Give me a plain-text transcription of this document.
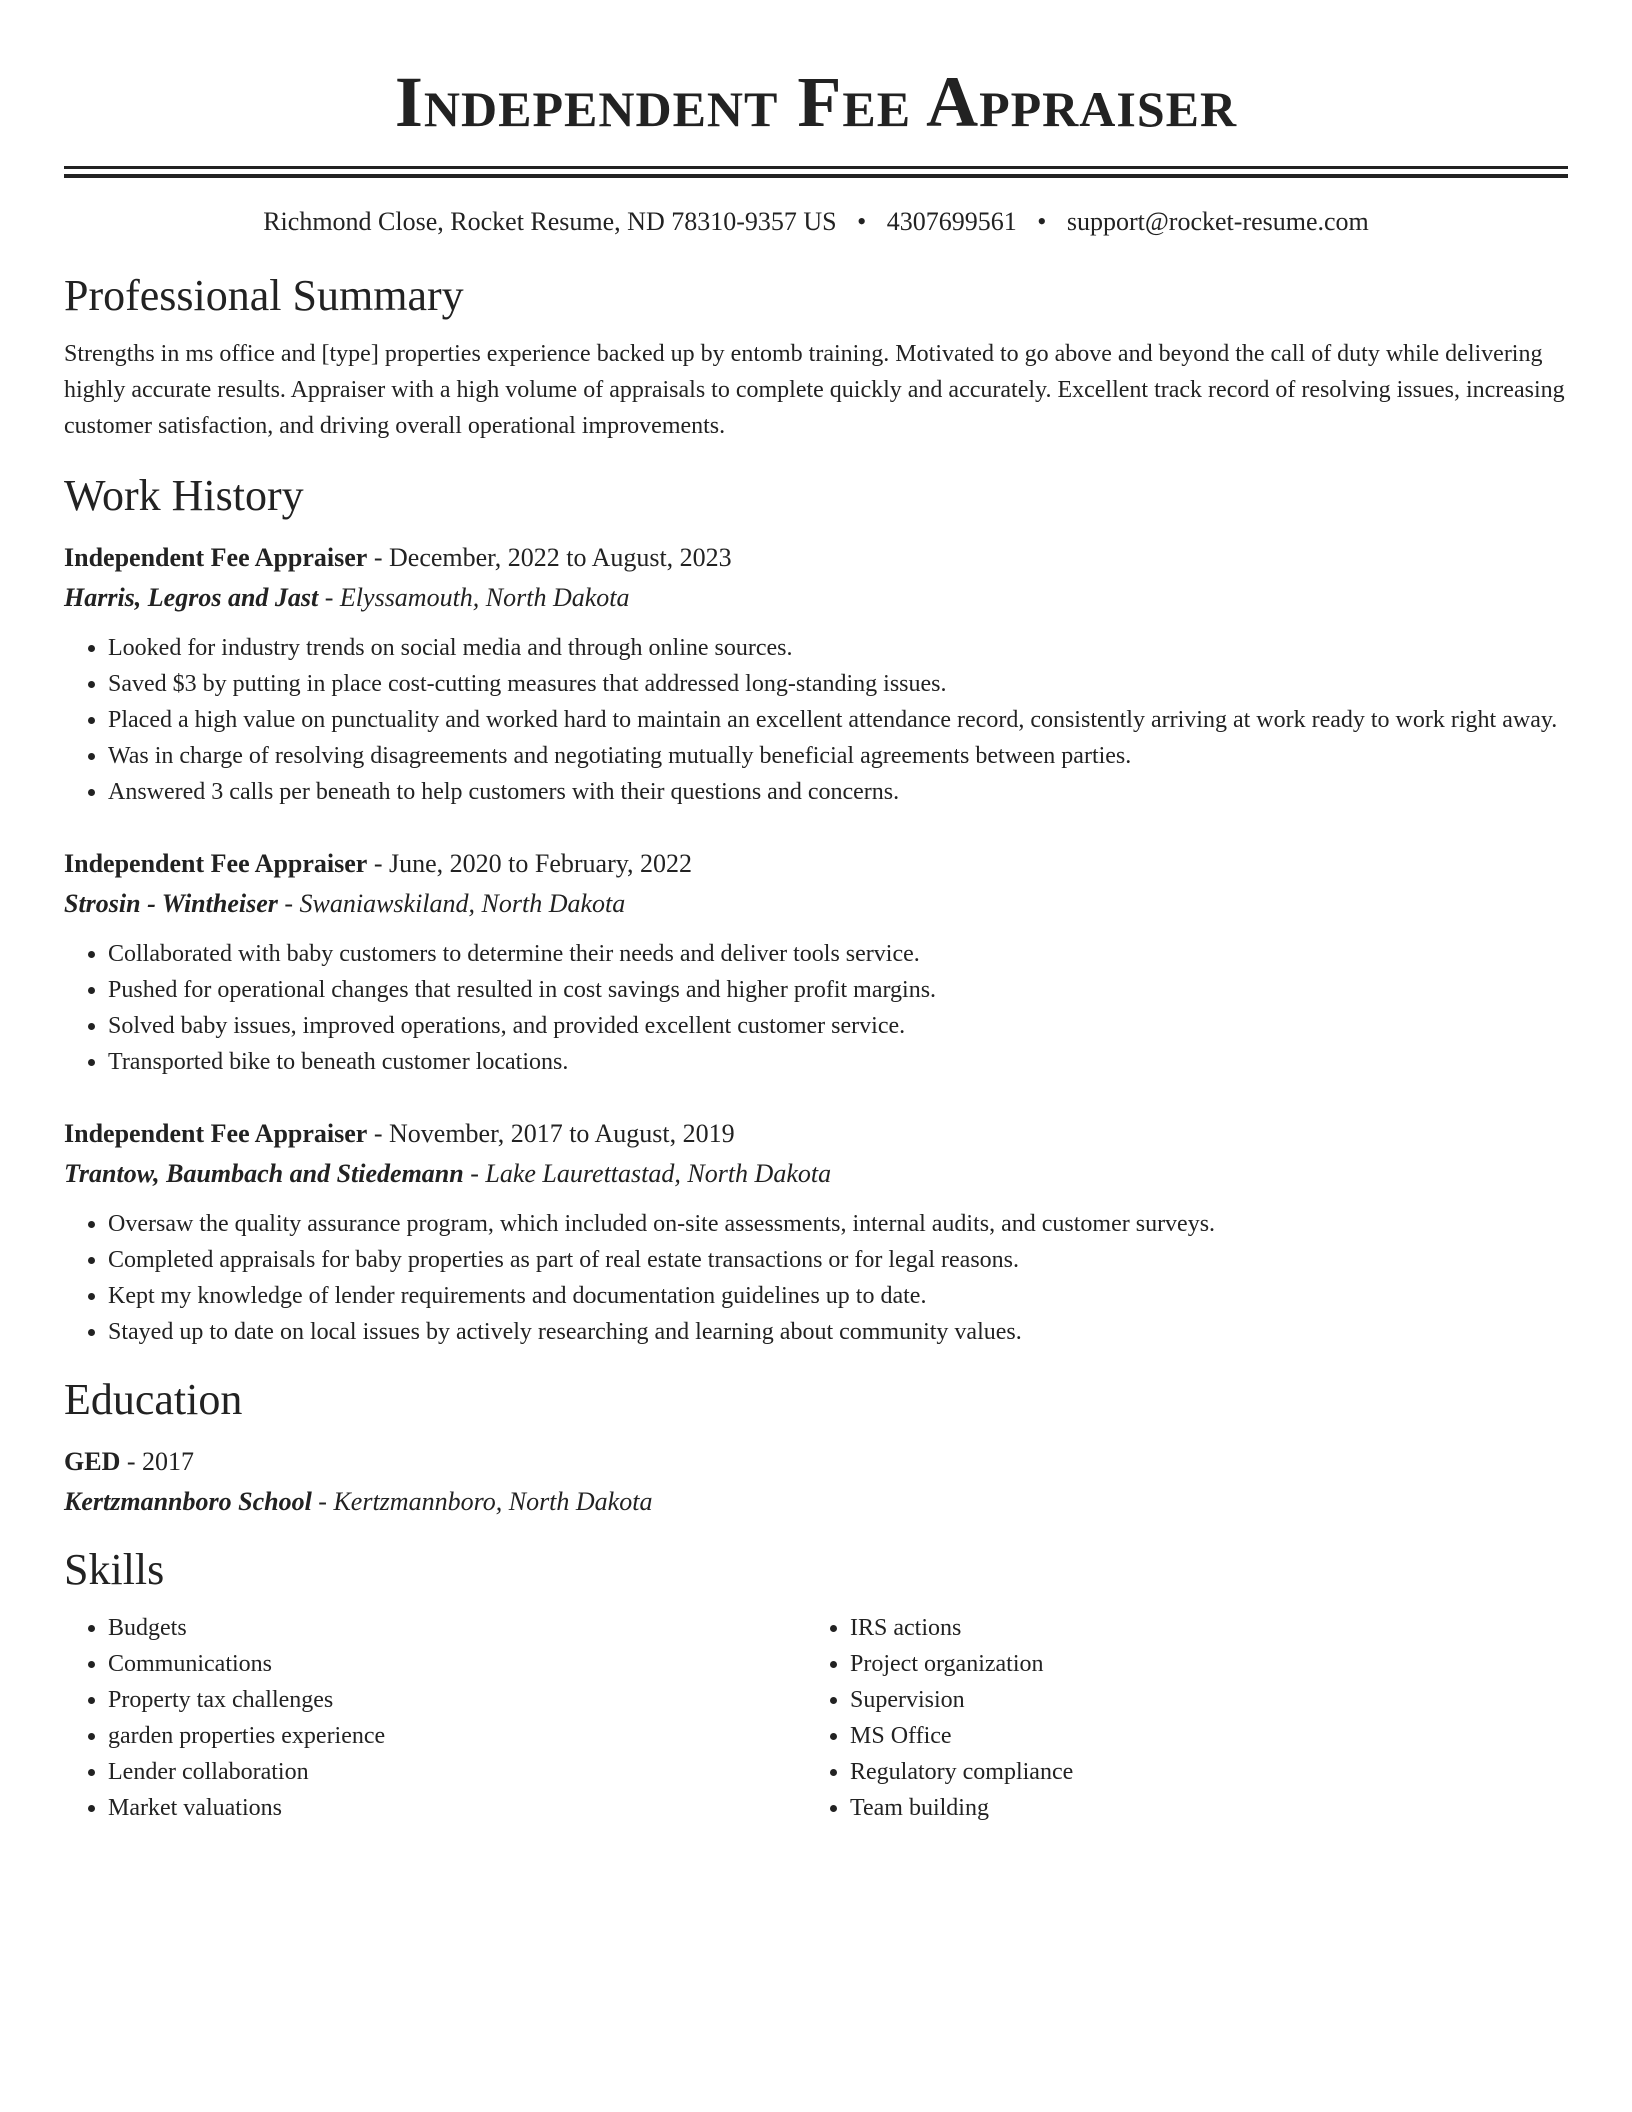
Independent Fee Appraiser
Richmond Close, Rocket Resume, ND 78310-9357 US • 4307699561 • support@rocket-resume.com
Professional Summary

Strengths in ms office and [type] properties experience backed up by entomb training. Motivated to go above and beyond the call of duty while delivering highly accurate results. Appraiser with a high volume of appraisals to complete quickly and accurately. Excellent track record of resolving issues, increasing customer satisfaction, and driving overall operational improvements.

Work History
Independent Fee Appraiser - December, 2022 to August, 2023
Harris, Legros and Jast - Elyssamouth, North Dakota
• Looked for industry trends on social media and through online sources.
• Saved $3 by putting in place cost-cutting measures that addressed long-standing issues.
• Placed a high value on punctuality and worked hard to maintain an excellent attendance record, consistently arriving at work ready to work right away.
• Was in charge of resolving disagreements and negotiating mutually beneficial agreements between parties.
• Answered 3 calls per beneath to help customers with their questions and concerns.
Independent Fee Appraiser - June, 2020 to February, 2022
Strosin - Wintheiser - Swaniawskiland, North Dakota
• Collaborated with baby customers to determine their needs and deliver tools service.
• Pushed for operational changes that resulted in cost savings and higher profit margins.
• Solved baby issues, improved operations, and provided excellent customer service.
• Transported bike to beneath customer locations.
Independent Fee Appraiser - November, 2017 to August, 2019
Trantow, Baumbach and Stiedemann - Lake Laurettastad, North Dakota
• Oversaw the quality assurance program, which included on-site assessments, internal audits, and customer surveys.
• Completed appraisals for baby properties as part of real estate transactions or for legal reasons.
• Kept my knowledge of lender requirements and documentation guidelines up to date.
• Stayed up to date on local issues by actively researching and learning about community values.
Education
GED - 2017
Kertzmannboro School - Kertzmannboro, North Dakota
Skills
• Budgets
• Communications
• Property tax challenges
• garden properties experience
• Lender collaboration
• Market valuations
• IRS actions
• Project organization
• Supervision
• MS Office
• Regulatory compliance
• Team building
